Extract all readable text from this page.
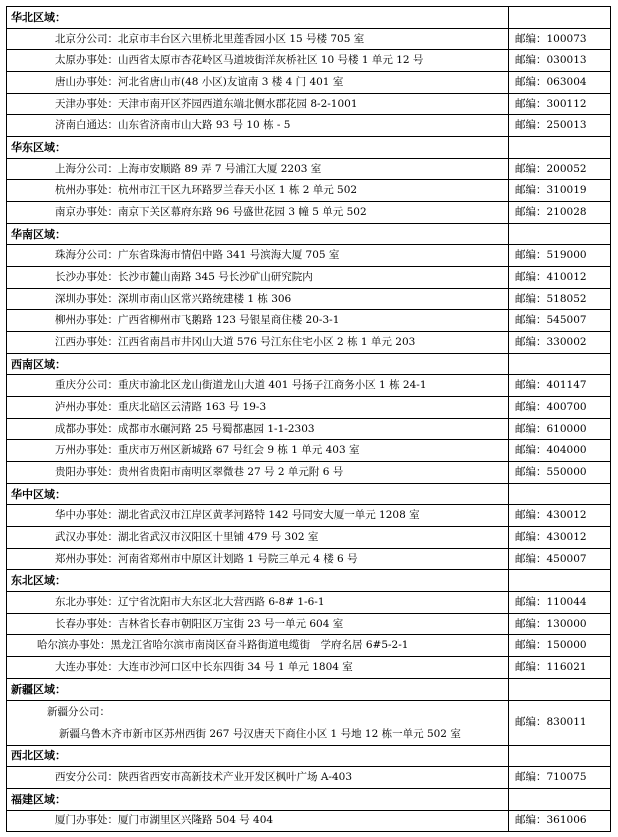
华北区域：	
北京分公司：北京市丰台区六里桥北里莲香园小区 15 号楼 705 室	邮编：100073
太原办事处：山西省太原市杏花岭区马道坡街洋灰桥社区 10 号楼 1 单元 12 号	邮编：030013
唐山办事处：河北省唐山市(48 小区)友谊南 3 楼 4 门 401 室	邮编：063004
天津办事处：天津市南开区芥园西道东端北侧水郡花园 8-2-1001	邮编：300112
济南白通达：山东省济南市山大路 93 号 10 栋 - 5	邮编：250013
华东区域：	
上海分公司：上海市安顺路 89 弄 7 号浦江大厦 2203 室	邮编：200052
杭州办事处：杭州市江干区九环路罗兰春天小区 1 栋 2 单元 502	邮编：310019
南京办事处：南京下关区幕府东路 96 号盛世花园 3 幢 5 单元 502	邮编：210028
华南区域：	
珠海分公司：广东省珠海市情侣中路 341 号滨海大厦 705 室	邮编：519000
长沙办事处：长沙市麓山南路 345 号长沙矿山研究院内	邮编：410012
深圳办事处：深圳市南山区常兴路统建楼 1 栋 306	邮编：518052
柳州办事处：广西省柳州市飞鹅路 123 号银星商住楼 20-3-1	邮编：545007
江西办事处：江西省南昌市井冈山大道 576 号江东住宅小区 2 栋 1 单元 203	邮编：330002
西南区域：	
重庆分公司：重庆市渝北区龙山街道龙山大道 401 号扬子江商务小区 1 栋 24-1	邮编：401147
泸州办事处：重庆北碚区云清路 163 号 19-3	邮编：400700
成都办事处：成都市水碾河路 25 号蜀都惠园 1-1-2303	邮编：610000
万州办事处：重庆市万州区新城路 67 号红会 9 栋 1 单元 403 室	邮编：404000
贵阳办事处：贵州省贵阳市南明区翠微巷 27 号 2 单元附 6 号	邮编：550000
华中区域：	
华中办事处：湖北省武汉市江岸区黄孝河路特 142 号同安大厦一单元 1208 室	邮编：430012
武汉办事处：湖北省武汉市汉阳区十里铺 479 号 302 室	邮编：430012
郑州办事处：河南省郑州市中原区计划路 1 号院三单元 4 楼 6 号	邮编：450007
东北区域：	
东北办事处：辽宁省沈阳市大东区北大营西路 6-8# 1-6-1	邮编：110044
长春办事处：吉林省长春市朝阳区万宝街 23 号一单元 604 室	邮编：130000
哈尔滨办事处：黑龙江省哈尔滨市南岗区奋斗路街道电缆街　学府名居 6#5-2-1	邮编：150000
大连办事处：大连市沙河口区中长东四街 34 号 1 单元 1804 室	邮编：116021
新疆区域：	
新疆分公司：
新疆乌鲁木齐市新市区苏州西街 267 号汉唐天下商住小区 1 号地 12 栋一单元 502 室	邮编：830011
西北区域：	
西安分公司：陕西省西安市高新技术产业开发区枫叶广场 A-403	邮编：710075
福建区域：	
厦门办事处：厦门市湖里区兴隆路 504 号 404	邮编：361006
